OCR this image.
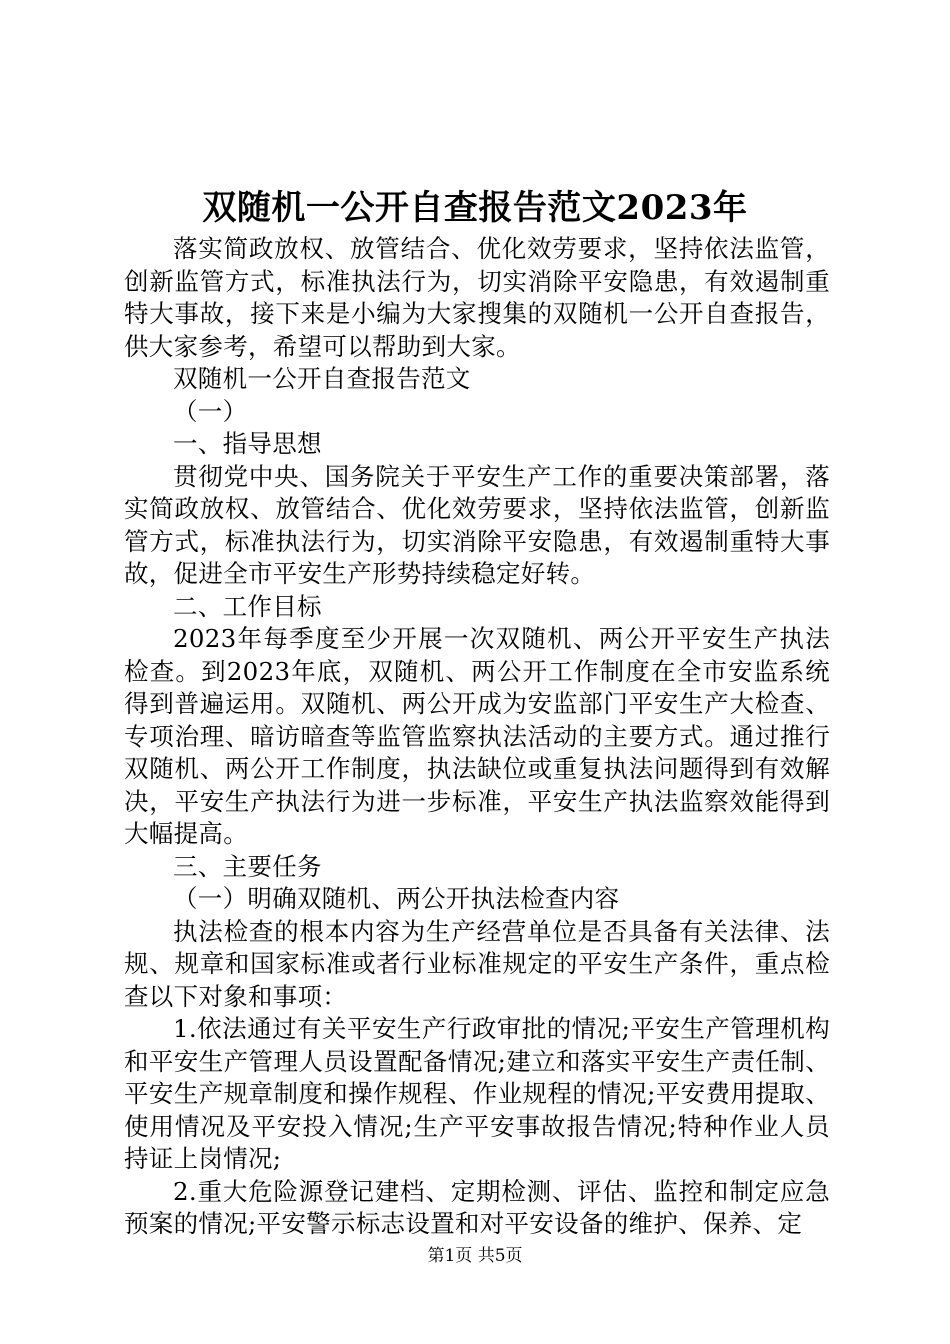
双随机一公开自查报告范文2023年

落实简政放权、放管结合、优化效劳要求，坚持依法监管，创新监管方式，标准执法行为，切实消除平安隐患，有效遏制重特大事故，接下来是小编为大家搜集的双随机一公开自查报告，供大家参考，希望可以帮助到大家。

双随机一公开自查报告范文

（一）

一、指导思想

贯彻党中央、国务院关于平安生产工作的重要决策部署，落实简政放权、放管结合、优化效劳要求，坚持依法监管，创新监管方式，标准执法行为，切实消除平安隐患，有效遏制重特大事故，促进全市平安生产形势持续稳定好转。

二、工作目标

2023年每季度至少开展一次双随机、两公开平安生产执法检查。到2023年底，双随机、两公开工作制度在全市安监系统得到普遍运用。双随机、两公开成为安监部门平安生产大检查、专项治理、暗访暗查等监管监察执法活动的主要方式。通过推行双随机、两公开工作制度，执法缺位或重复执法问题得到有效解决，平安生产执法行为进一步标准，平安生产执法监察效能得到大幅提高。

三、主要任务

（一）明确双随机、两公开执法检查内容

执法检查的根本内容为生产经营单位是否具备有关法律、法规、规章和国家标准或者行业标准规定的平安生产条件，重点检查以下对象和事项：

1.依法通过有关平安生产行政审批的情况;平安生产管理机构和平安生产管理人员设置配备情况;建立和落实平安生产责任制、平安生产规章制度和操作规程、作业规程的情况;平安费用提取、使用情况及平安投入情况;生产平安事故报告情况;特种作业人员持证上岗情况;

2.重大危险源登记建档、定期检测、评估、监控和制定应急预案的情况;平安警示标志设置和对平安设备的维护、保养、定

第1页 共5页
